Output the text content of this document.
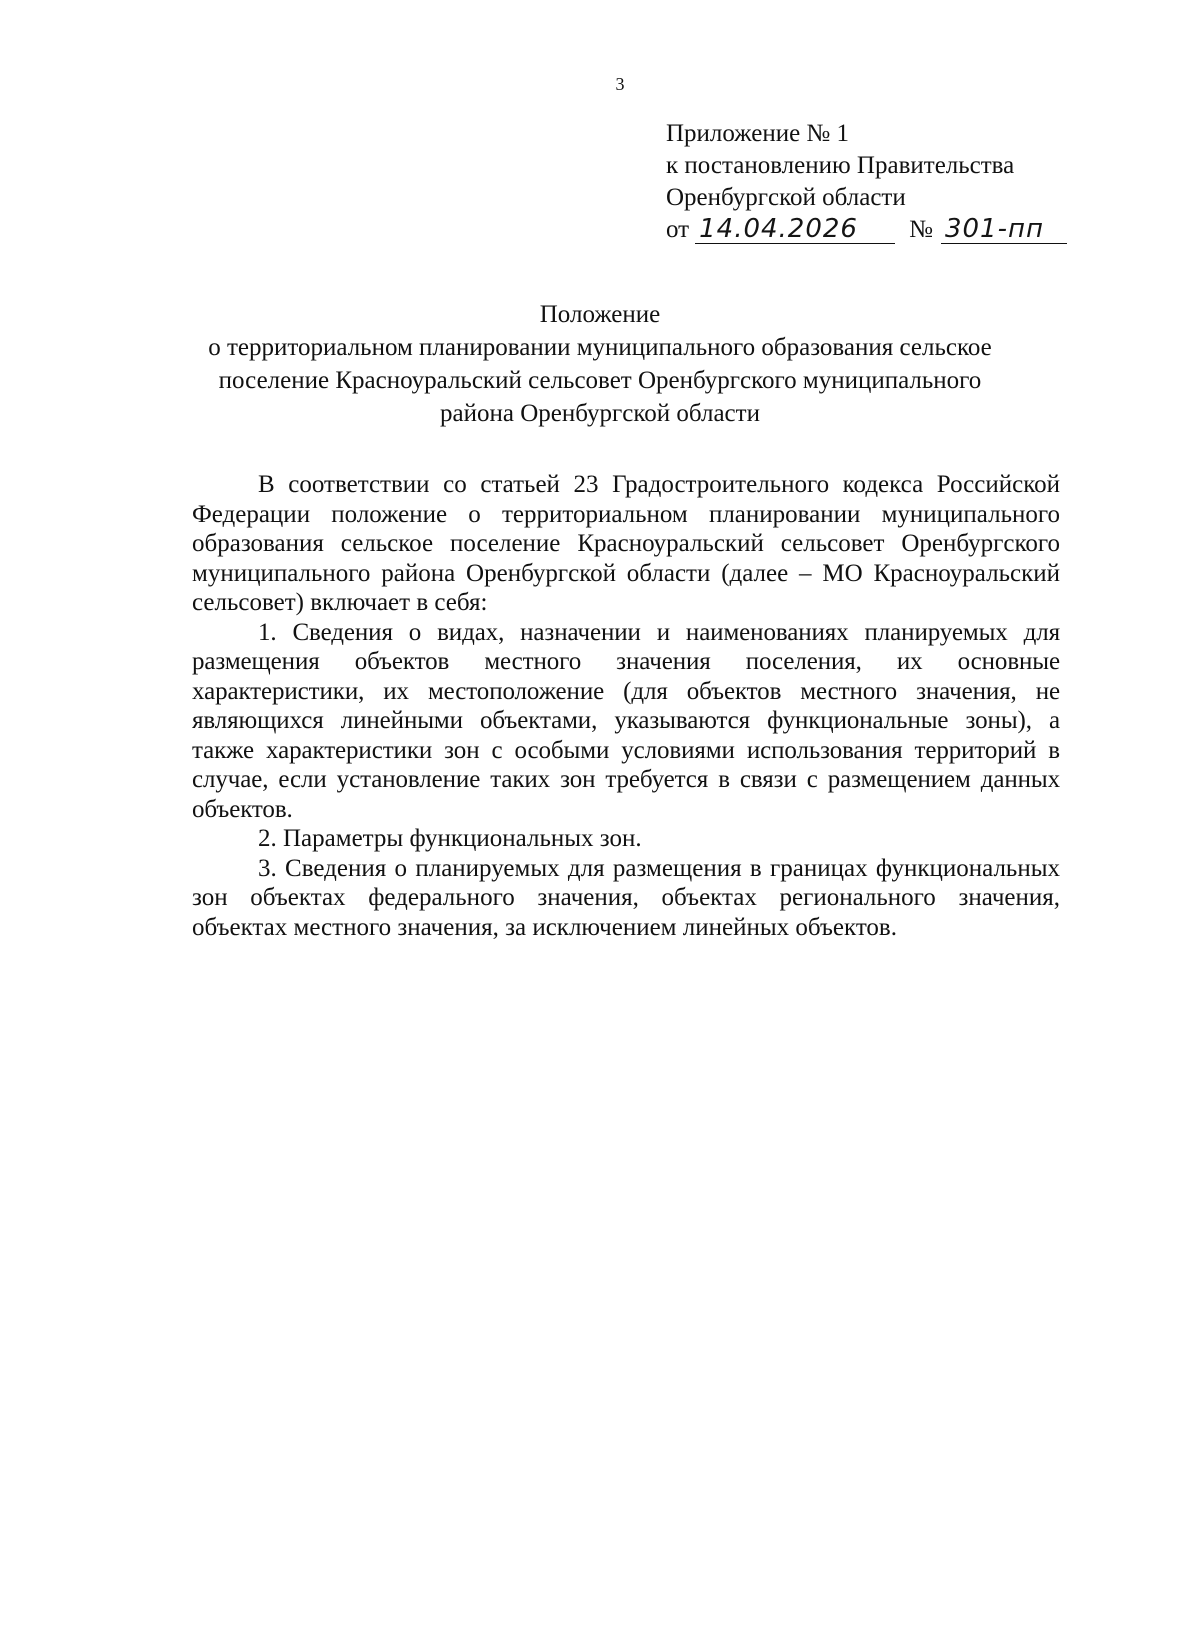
3
Приложение № 1
к постановлению Правительства
Оренбургской области
от 14.04.2026	№ 301-пп
Положение
о территориальном планировании муниципального образования сельское
поселение Красноуральский сельсовет Оренбургского муниципального
района Оренбургской области

В соответствии со статьей 23 Градостроительного кодекса Российской Федерации положение о территориальном планировании муниципального образования сельское поселение Красноуральский сельсовет Оренбургского муниципального района Оренбургской области (далее – МО Красноуральский сельсовет) включает в себя:

1. Сведения о видах, назначении и наименованиях планируемых для размещения объектов местного значения поселения, их основные характеристики, их местоположение (для объектов местного значения, не являющихся линейными объектами, указываются функциональные зоны), а также характеристики зон с особыми условиями использования территорий в случае, если установление таких зон требуется в связи с размещением данных объектов.

2. Параметры функциональных зон.

3. Сведения о планируемых для размещения в границах функциональных зон объектах федерального значения, объектах регионального значения, объектах местного значения, за исключением линейных объектов.
